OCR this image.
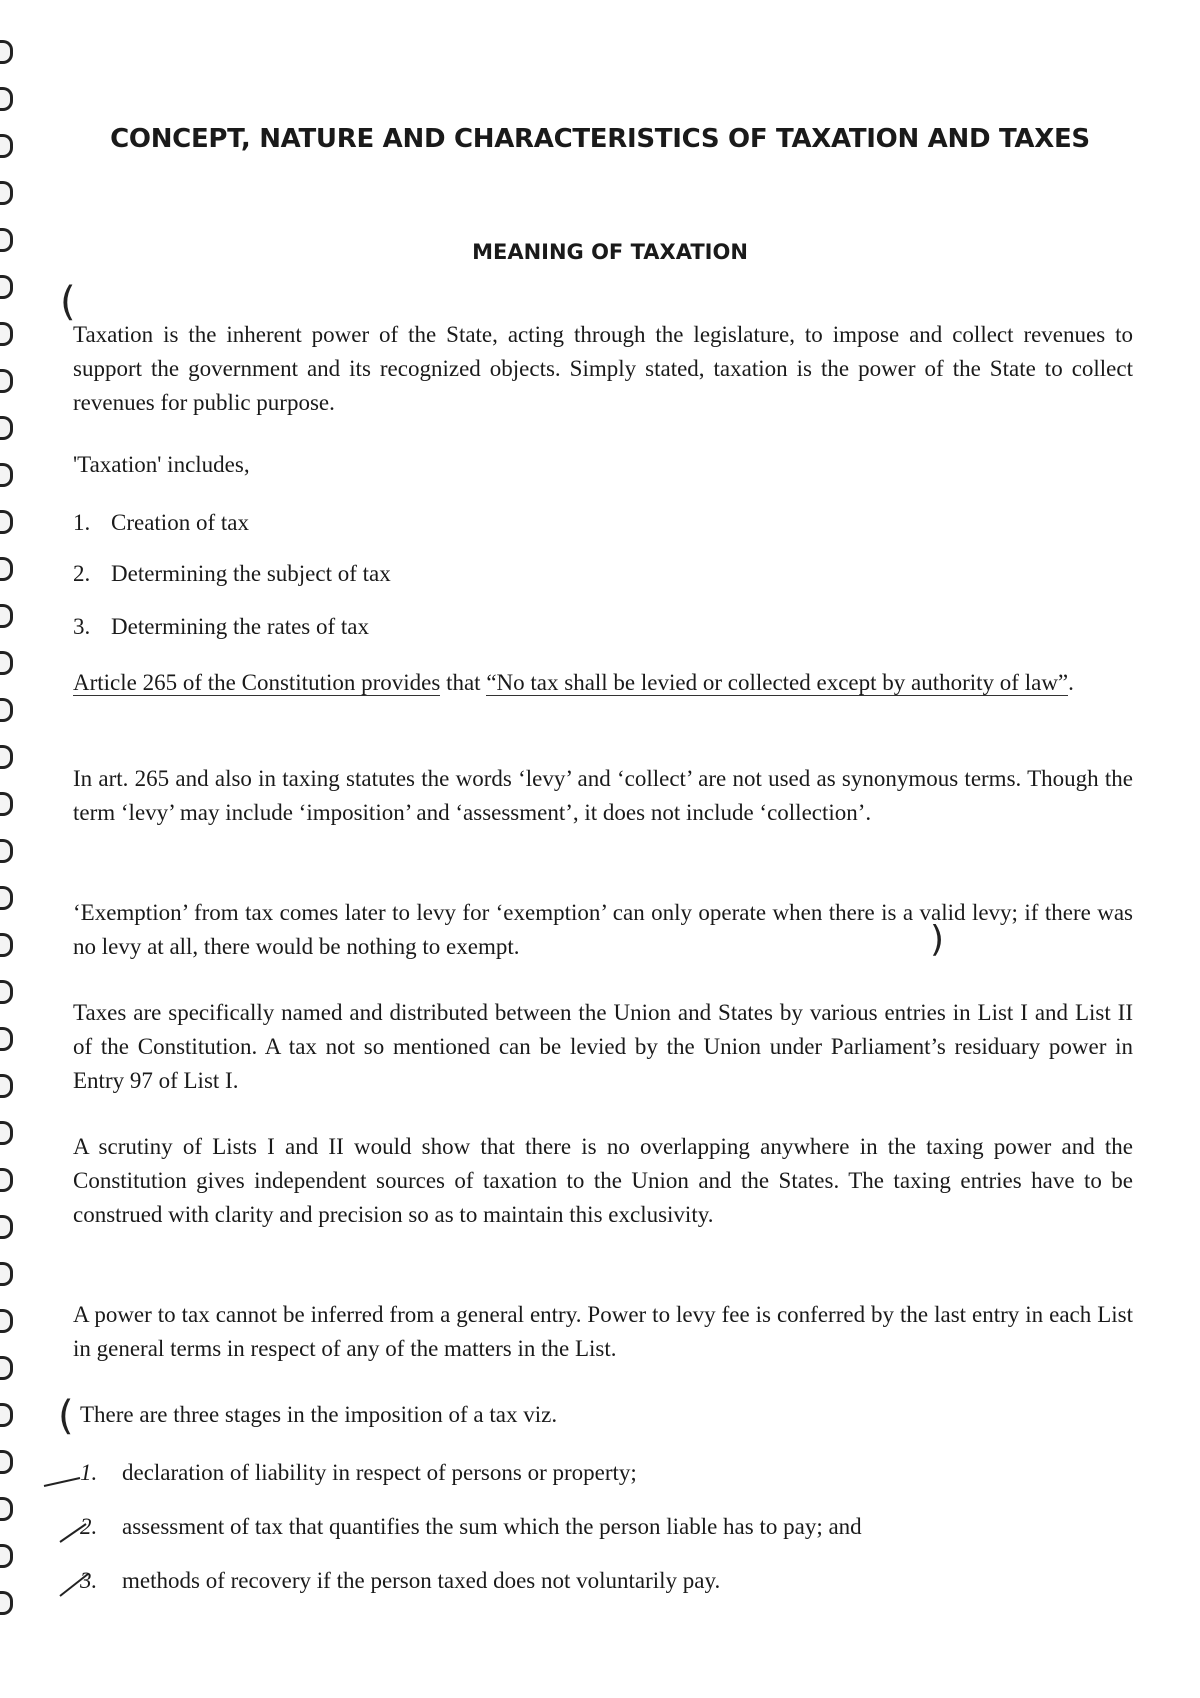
CONCEPT, NATURE AND CHARACTERISTICS OF TAXATION AND TAXES
MEANING OF TAXATION
(
)
(

Taxation is the inherent power of the State, acting through the legislature, to impose and collect revenues to support the government and its recognized objects. Simply stated, taxation is the power of the State to collect revenues for public purpose.

'Taxation' includes,

1. Creation of tax
2. Determining the subject of tax
3. Determining the rates of tax

Article 265 of the Constitution provides that “No tax shall be levied or collected except by authority of law”.

In art. 265 and also in taxing statutes the words ‘levy’ and ‘collect’ are not used as synonymous terms. Though the term ‘levy’ may include ‘imposition’ and ‘assessment’, it does not include ‘collection’.

‘Exemption’ from tax comes later to levy for ‘exemption’ can only operate when there is a valid levy; if there was no levy at all, there would be nothing to exempt.

Taxes are specifically named and distributed between the Union and States by various entries in List I and List II of the Constitution. A tax not so mentioned can be levied by the Union under Parliament’s residuary power in Entry 97 of List I.

A scrutiny of Lists I and II would show that there is no overlapping anywhere in the taxing power and the Constitution gives independent sources of taxation to the Union and the States. The taxing entries have to be construed with clarity and precision so as to maintain this exclusivity.

A power to tax cannot be inferred from a general entry. Power to levy fee is conferred by the last entry in each List in general terms in respect of any of the matters in the List.

There are three stages in the imposition of a tax viz.

1. declaration of liability in respect of persons or property;
2. assessment of tax that quantifies the sum which the person liable has to pay; and
3. methods of recovery if the person taxed does not voluntarily pay.
